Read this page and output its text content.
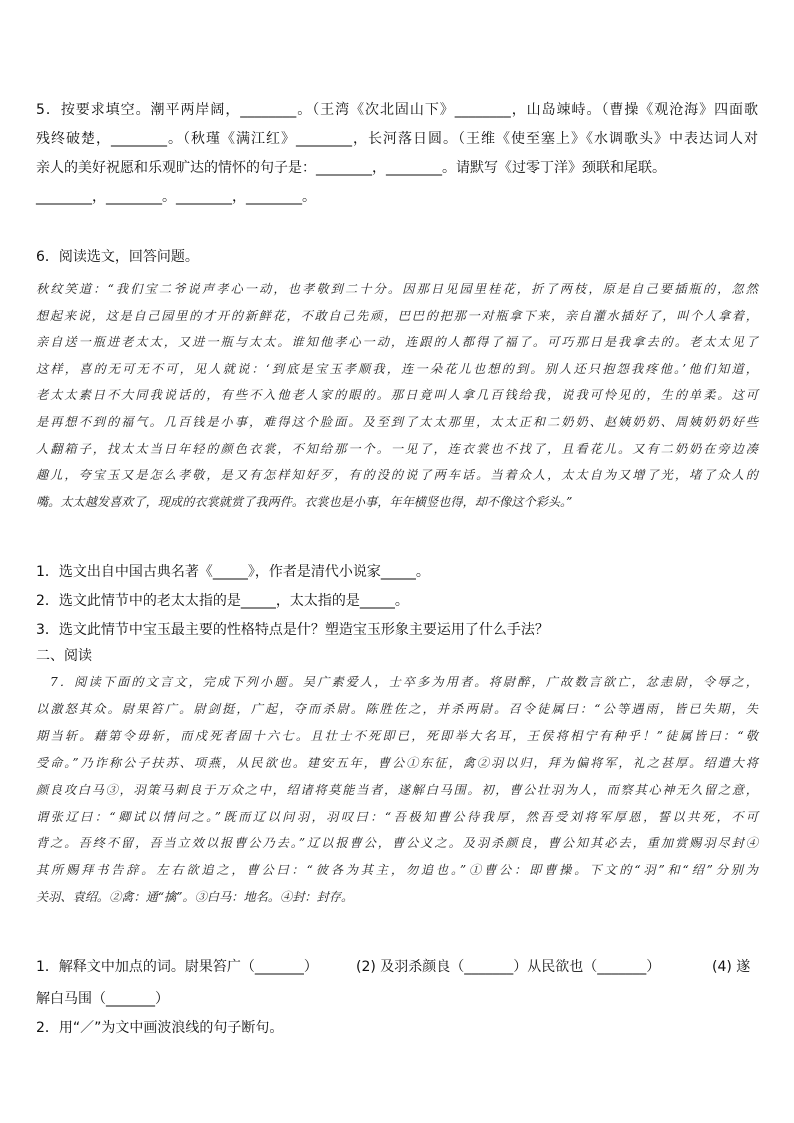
5．按要求填空。潮平两岸阔，________。（王湾《次北固山下》________，山岛竦峙。（曹操《观沧海》四面歌
残终破楚，________。（秋瑾《满江红》________，长河落日圆。（王维《使至塞上》《水调歌头》中表达词人对
亲人的美好祝愿和乐观旷达的情怀的句子是：________，________。请默写《过零丁洋》颈联和尾联。
________，________。________，________。
6．阅读选文，回答问题。
秋纹笑道：“我们宝二爷说声孝心一动，也孝敬到二十分。因那日见园里桂花，折了两枝，原是自己要插瓶的，忽然
想起来说，这是自己园里的才开的新鲜花，不敢自己先顽，巴巴的把那一对瓶拿下来，亲自灌水插好了，叫个人拿着，
亲自送一瓶进老太太，又进一瓶与太太。谁知他孝心一动，连跟的人都得了福了。可巧那日是我拿去的。老太太见了
这样，喜的无可无不可，见人就说：‘到底是宝玉孝顺我，连一朵花儿也想的到。别人还只抱怨我疼他。’他们知道，
老太太素日不大同我说话的，有些不入他老人家的眼的。那日竟叫人拿几百钱给我，说我可怜见的，生的单柔。这可
是再想不到的福气。几百钱是小事，难得这个脸面。及至到了太太那里，太太正和二奶奶、赵姨奶奶、周姨奶奶好些
人翻箱子，找太太当日年轻的颜色衣裳，不知给那一个。一见了，连衣裳也不找了，且看花儿。又有二奶奶在旁边凑
趣儿，夸宝玉又是怎么孝敬，是又有怎样知好歹，有的没的说了两车话。当着众人，太太自为又增了光，堵了众人的
嘴。太太越发喜欢了，现成的衣裳就赏了我两件。衣裳也是小事，年年横竖也得，却不像这个彩头。”
1．选文出自中国古典名著《_____》，作者是清代小说家_____。
2．选文此情节中的老太太指的是_____，太太指的是_____。
3．选文此情节中宝玉最主要的性格特点是什？塑造宝玉形象主要运用了什么手法？
二、阅读
7．阅读下面的文言文，完成下列小题。吴广素爱人，士卒多为用者。将尉醉，广故数言欲亡，忿恚尉，令辱之，
以激怒其众。尉果笞广。尉剑挺，广起，夺而杀尉。陈胜佐之，并杀两尉。召令徒属曰：“公等遇雨，皆已失期，失
期当斩。藉第令毋斩，而戍死者固十六七。且壮士不死即已，死即举大名耳，王侯将相宁有种乎！”徒属皆曰：“敬
受命。”乃诈称公子扶苏、项燕，从民欲也。建安五年，曹公①东征，禽②羽以归，拜为偏将军，礼之甚厚。绍遣大将
颜良攻白马③，羽策马刺良于万众之中，绍诸将莫能当者，遂解白马围。初，曹公壮羽为人，而察其心神无久留之意，
谓张辽曰：“卿试以情问之。”既而辽以问羽，羽叹曰：“吾极知曹公待我厚，然吾受刘将军厚恩，誓以共死，不可
背之。吾终不留，吾当立效以报曹公乃去。”辽以报曹公，曹公义之。及羽杀颜良，曹公知其必去，重加赏赐羽尽封④
其所赐拜书告辞。左右欲追之，曹公曰：“彼各为其主，勿追也。”①曹公：即曹操。下文的“羽”和“绍”分别为
关羽、袁绍。②禽：通“擒”。③白马：地名。④封：封存。
1．解释文中加点的词。尉果笞广（_______）	(2) 及羽杀颜良（_______）从民欲也（_______）	(4) 遂
解白马围（_______）
2．用“／”为文中画波浪线的句子断句。
